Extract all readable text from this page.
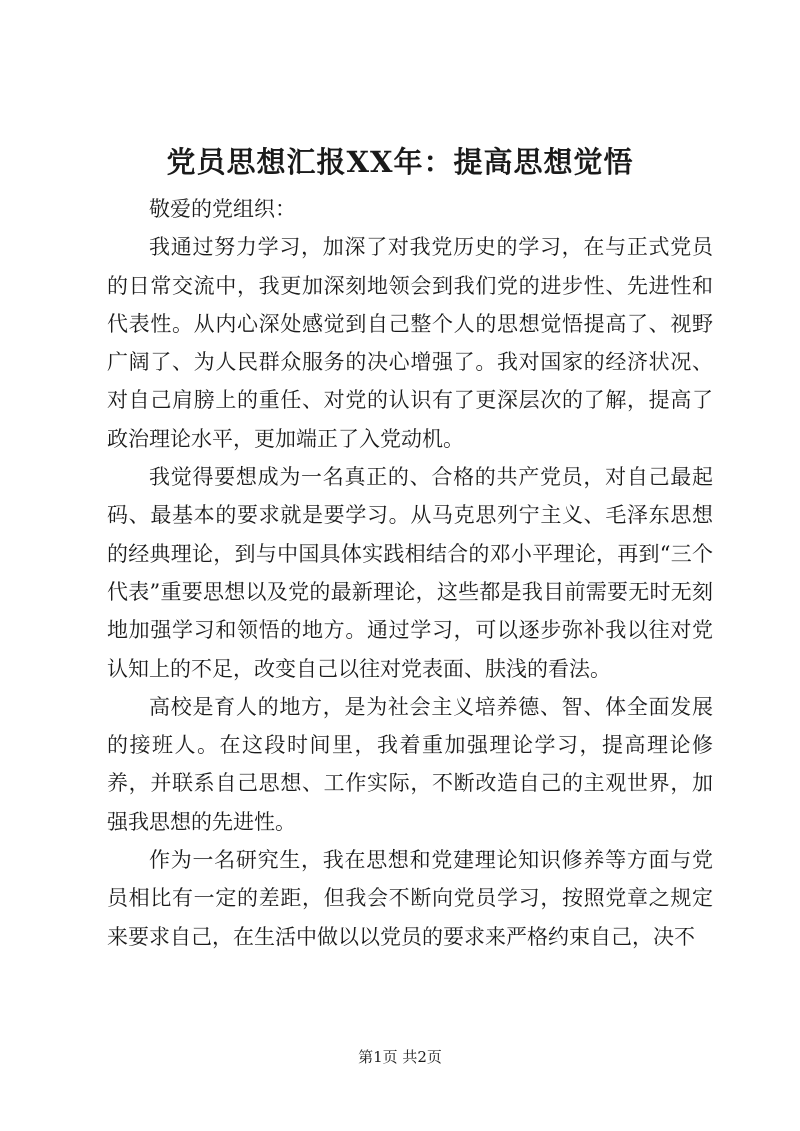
党员思想汇报XX年：提高思想觉悟

敬爱的党组织：

我通过努力学习，加深了对我党历史的学习，在与正式党员的日常交流中，我更加深刻地领会到我们党的进步性、先进性和代表性。从内心深处感觉到自己整个人的思想觉悟提高了、视野广阔了、为人民群众服务的决心增强了。我对国家的经济状况、对自己肩膀上的重任、对党的认识有了更深层次的了解，提高了政治理论水平，更加端正了入党动机。

我觉得要想成为一名真正的、合格的共产党员，对自己最起码、最基本的要求就是要学习。从马克思列宁主义、毛泽东思想的经典理论，到与中国具体实践相结合的邓小平理论，再到“三个代表”重要思想以及党的最新理论，这些都是我目前需要无时无刻地加强学习和领悟的地方。通过学习，可以逐步弥补我以往对党认知上的不足，改变自己以往对党表面、肤浅的看法。

高校是育人的地方，是为社会主义培养德、智、体全面发展的接班人。在这段时间里，我着重加强理论学习，提高理论修养，并联系自己思想、工作实际，不断改造自己的主观世界，加强我思想的先进性。

作为一名研究生，我在思想和党建理论知识修养等方面与党员相比有一定的差距，但我会不断向党员学习，按照党章之规定来要求自己，在生活中做以以党员的要求来严格约束自己，决不

第1页 共2页
